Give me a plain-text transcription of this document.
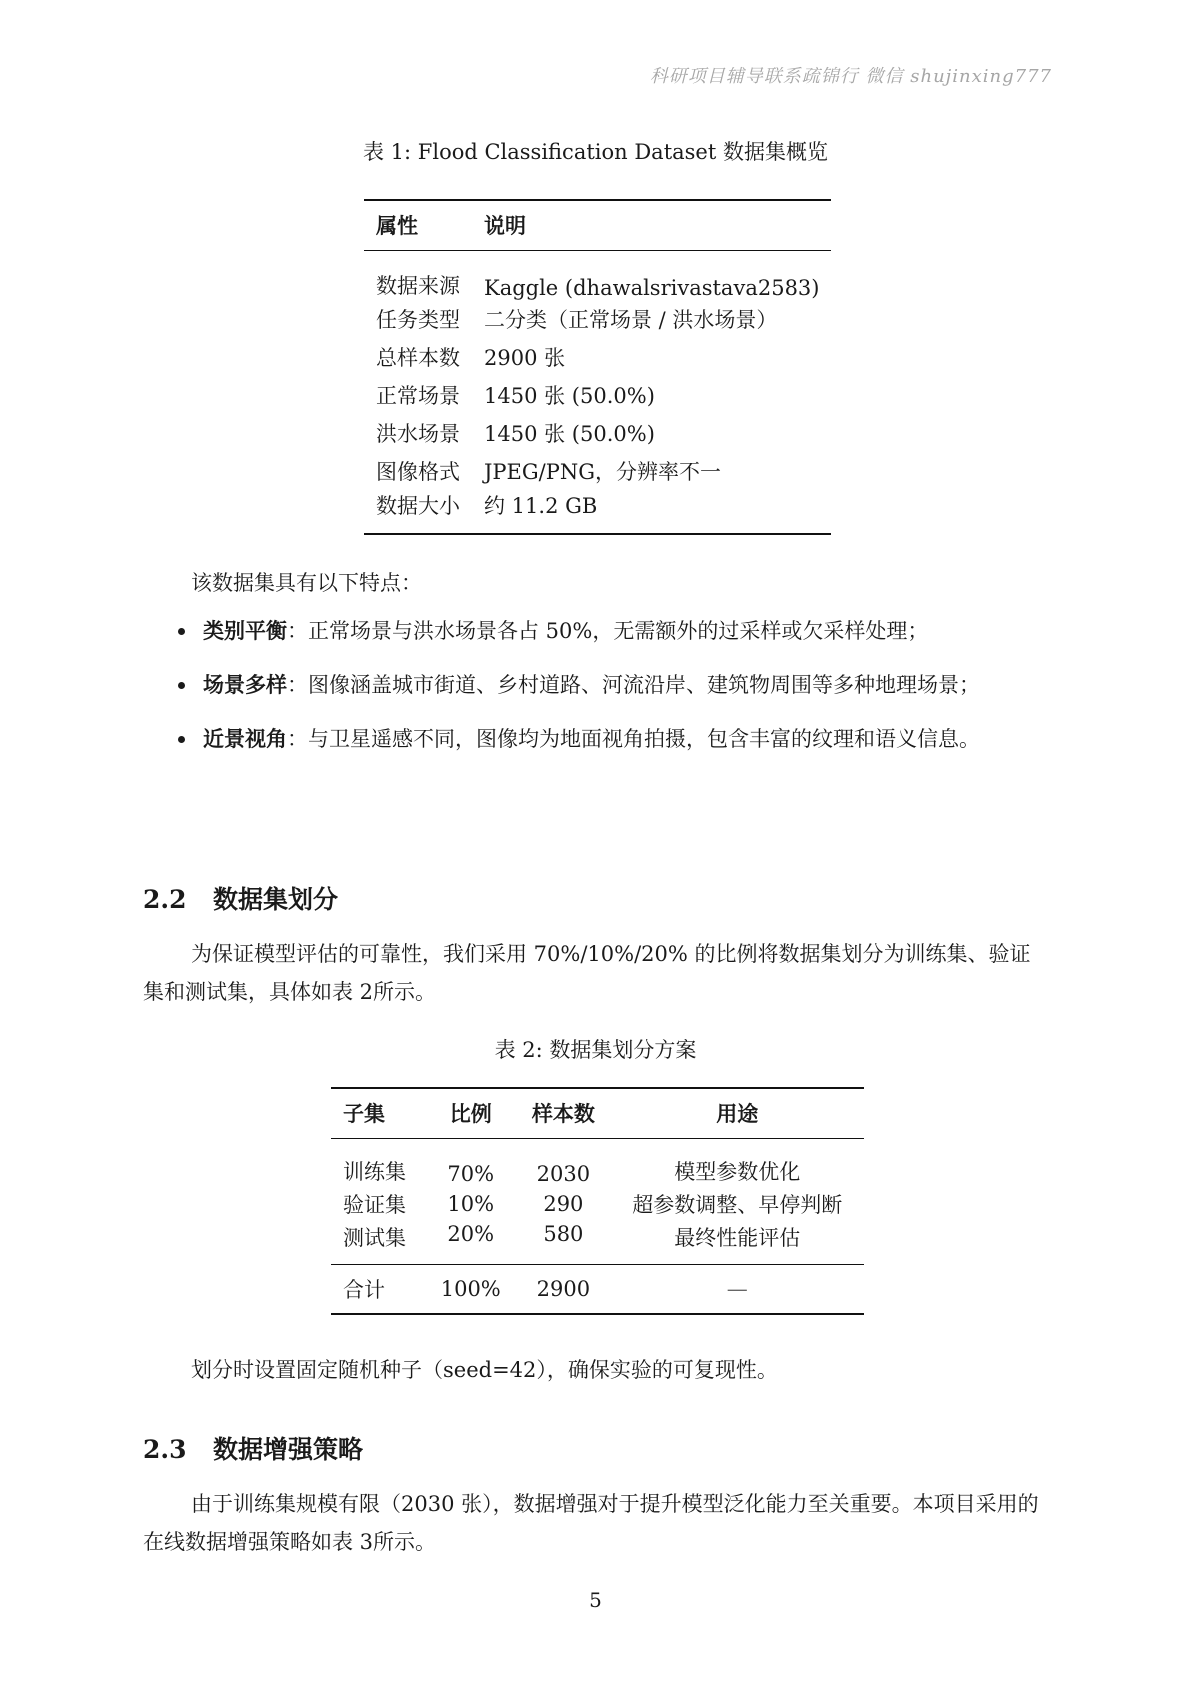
科研项目辅导联系疏锦行 微信 shujinxing777
表 1: Flood Classification Dataset 数据集概览
属性	说明
数据来源	Kaggle (dhawalsrivastava2583)
任务类型	二分类（正常场景 / 洪水场景）
总样本数	2900 张
正常场景	1450 张 (50.0%)
洪水场景	1450 张 (50.0%)
图像格式	JPEG/PNG，分辨率不一
数据大小	约 11.2 GB
该数据集具有以下特点：
类别平衡：正常场景与洪水场景各占 50%，无需额外的过采样或欠采样处理；
场景多样：图像涵盖城市街道、乡村道路、河流沿岸、建筑物周围等多种地理场景；
近景视角：与卫星遥感不同，图像均为地面视角拍摄，包含丰富的纹理和语义信息。
2.2 数据集划分
为保证模型评估的可靠性，我们采用 70%/10%/20% 的比例将数据集划分为训练集、验证集和测试集，具体如表 2所示。
表 2: 数据集划分方案
子集	比例	样本数	用途
训练集	70%	2030	模型参数优化
验证集	10%	290	超参数调整、早停判断
测试集	20%	580	最终性能评估
合计	100%	2900	—
划分时设置固定随机种子（seed=42），确保实验的可复现性。
2.3 数据增强策略
由于训练集规模有限（2030 张），数据增强对于提升模型泛化能力至关重要。本项目采用的在线数据增强策略如表 3所示。
5
